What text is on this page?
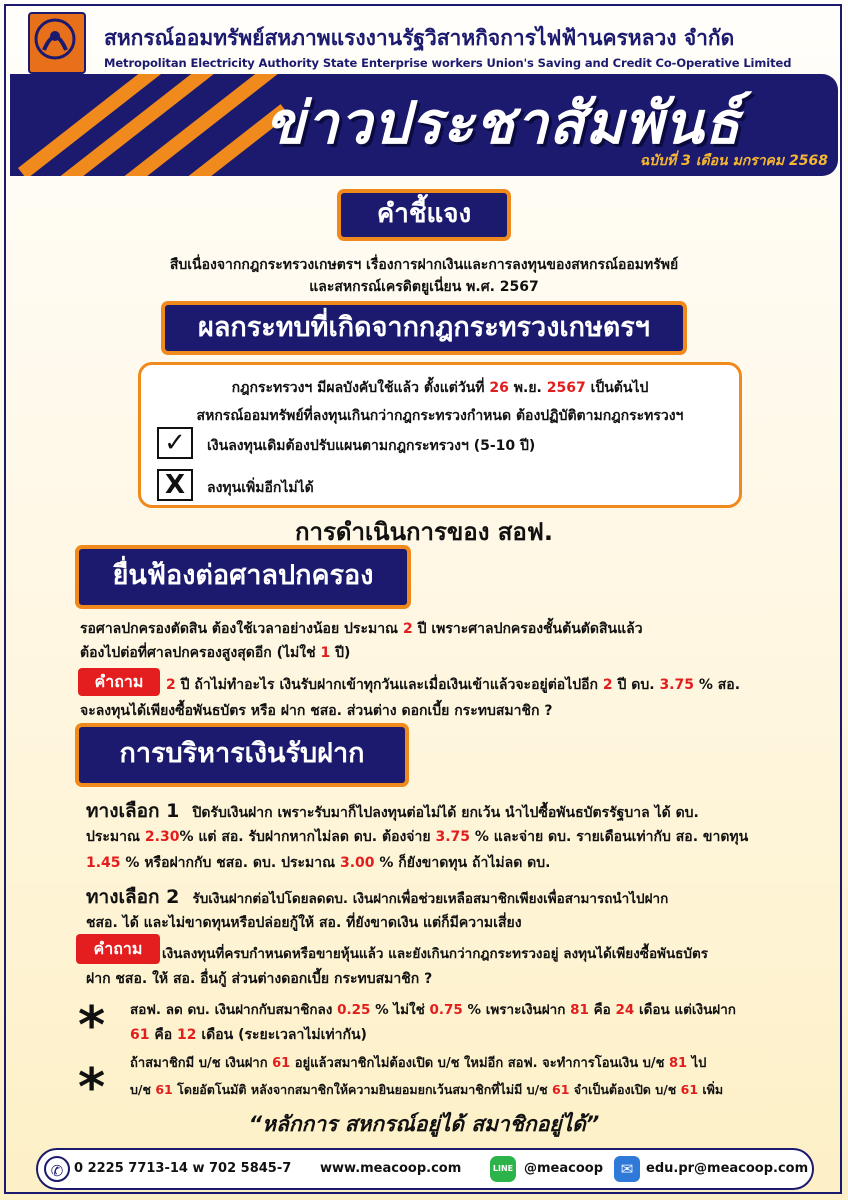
สหกรณ์ออมทรัพย์สหภาพแรงงานรัฐวิสาหกิจการไฟฟ้านครหลวง จำกัด
Metropolitan Electricity Authority State Enterprise workers Union's Saving and Credit Co-Operative Limited
ข่าวประชาสัมพันธ์
ฉบับที่ 3 เดือน มกราคม 2568
คำชี้แจง
สืบเนื่องจากกฎกระทรวงเกษตรฯ เรื่องการฝากเงินและการลงทุนของสหกรณ์ออมทรัพย์
และสหกรณ์เครดิตยูเนี่ยน พ.ศ. 2567
ผลกระทบที่เกิดจากกฎกระทรวงเกษตรฯ
กฎกระทรวงฯ มีผลบังคับใช้แล้ว ตั้งแต่วันที่ 26 พ.ย. 2567 เป็นต้นไป
สหกรณ์ออมทรัพย์ที่ลงทุนเกินกว่ากฎกระทรวงกำหนด ต้องปฏิบัติตามกฎกระทรวงฯ
✓	เงินลงทุนเดิมต้องปรับแผนตามกฎกระทรวงฯ (5-10 ปี)
X	ลงทุนเพิ่มอีกไม่ได้
การดำเนินการของ สอฟ.
ยื่นฟ้องต่อศาลปกครอง
รอศาลปกครองตัดสิน ต้องใช้เวลาอย่างน้อย ประมาณ 2 ปี เพราะศาลปกครองชั้นต้นตัดสินแล้ว
ต้องไปต่อที่ศาลปกครองสูงสุดอีก (ไม่ใช่ 1 ปี)
คำถาม	2 ปี ถ้าไม่ทำอะไร เงินรับฝากเข้าทุกวันและเมื่อเงินเข้าแล้วจะอยู่ต่อไปอีก 2 ปี ดบ. 3.75 % สอ.
จะลงทุนได้เพียงซื้อพันธบัตร หรือ ฝาก ชสอ. ส่วนต่าง ดอกเบี้ย กระทบสมาชิก ?
การบริหารเงินรับฝาก
ทางเลือก 1 ปิดรับเงินฝาก เพราะรับมาก็ไปลงทุนต่อไม่ได้ ยกเว้น นำไปซื้อพันธบัตรรัฐบาล ได้ ดบ.
ประมาณ 2.30% แต่ สอ. รับฝากหากไม่ลด ดบ. ต้องจ่าย 3.75 % และจ่าย ดบ. รายเดือนเท่ากับ สอ. ขาดทุน
1.45 % หรือฝากกับ ชสอ. ดบ. ประมาณ 3.00 % ก็ยังขาดทุน ถ้าไม่ลด ดบ.
ทางเลือก 2 รับเงินฝากต่อไปโดยลดดบ. เงินฝากเพื่อช่วยเหลือสมาชิกเพียงเพื่อสามารถนำไปฝาก
ชสอ. ได้ และไม่ขาดทุนหรือปล่อยกู้ให้ สอ. ที่ยังขาดเงิน แต่ก็มีความเสี่ยง
คำถาม	เงินลงทุนที่ครบกำหนดหรือขายหุ้นแล้ว และยังเกินกว่ากฎกระทรวงอยู่ ลงทุนได้เพียงซื้อพันธบัตร
ฝาก ชสอ. ให้ สอ. อื่นกู้ ส่วนต่างดอกเบี้ย กระทบสมาชิก ?
* สอฟ. ลด ดบ. เงินฝากกับสมาชิกลง 0.25 % ไม่ใช่ 0.75 % เพราะเงินฝาก 81 คือ 24 เดือน แต่เงินฝาก
61 คือ 12 เดือน (ระยะเวลาไม่เท่ากัน)
* ถ้าสมาชิกมี บ/ช เงินฝาก 61 อยู่แล้วสมาชิกไม่ต้องเปิด บ/ช ใหม่อีก สอฟ. จะทำการโอนเงิน บ/ช 81 ไป
บ/ช 61 โดยอัตโนมัติ หลังจากสมาชิกให้ความยินยอมยกเว้นสมาชิกที่ไม่มี บ/ช 61 จำเป็นต้องเปิด บ/ช 61 เพิ่ม
“หลักการ สหกรณ์อยู่ได้ สมาชิกอยู่ได้”
✆ 0 2225 7713-14 w 702 5845-7 www.meacoop.com	LINE @meacoop	✉ edu.pr@meacoop.com
